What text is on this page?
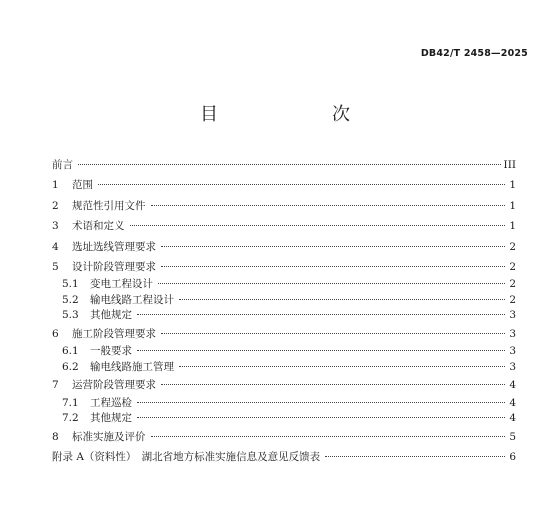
DB42/T 2458—2025
目　　次
前言	III
1	范围	1
2	规范性引用文件	1
3	术语和定义	1
4	选址选线管理要求	2
5	设计阶段管理要求	2
5.1	变电工程设计	2
5.2	输电线路工程设计	2
5.3	其他规定	3
6	施工阶段管理要求	3
6.1	一般要求	3
6.2	输电线路施工管理	3
7	运营阶段管理要求	4
7.1	工程巡检	4
7.2	其他规定	4
8	标准实施及评价	5
附录 A（资料性）　湖北省地方标准实施信息及意见反馈表	6
